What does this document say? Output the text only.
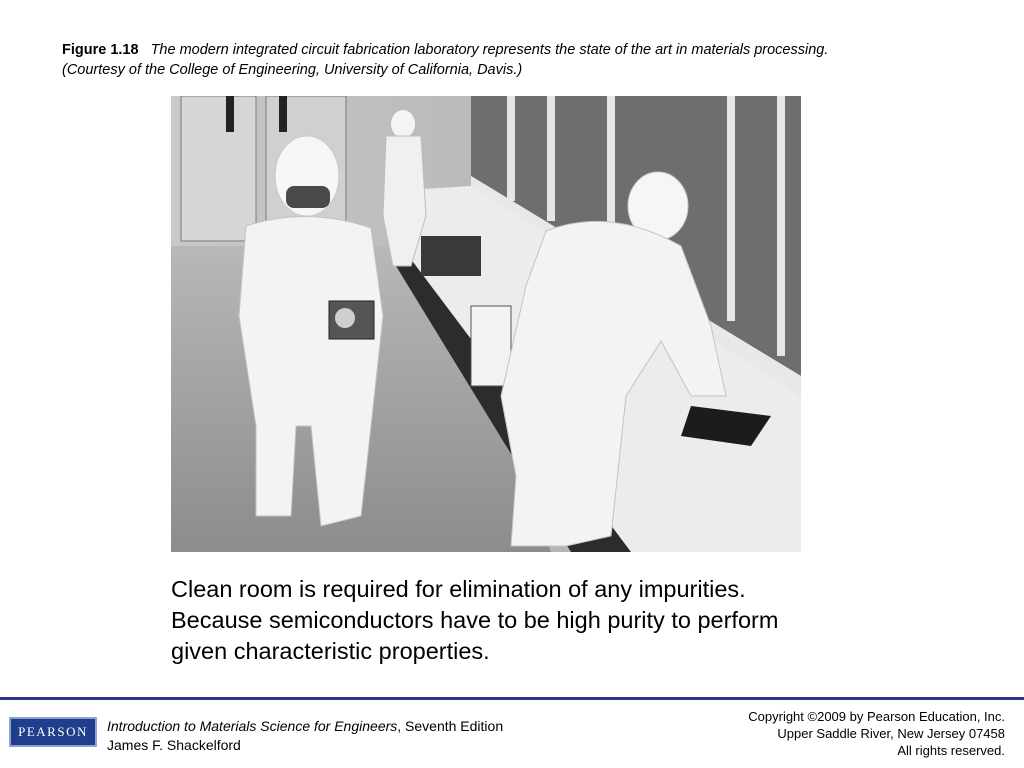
Figure 1.18 The modern integrated circuit fabrication laboratory represents the state of the art in materials processing.
(Courtesy of the College of Engineering, University of California, Davis.)
Clean room is required for elimination of any impurities.
Because semiconductors have to be high purity to perform
given characteristic properties.
PEARSON Introduction to Materials Science for Engineers, Seventh Edition
James F. Shackelford
Copyright ©2009 by Pearson Education, Inc.
Upper Saddle River, New Jersey 07458
All rights reserved.
